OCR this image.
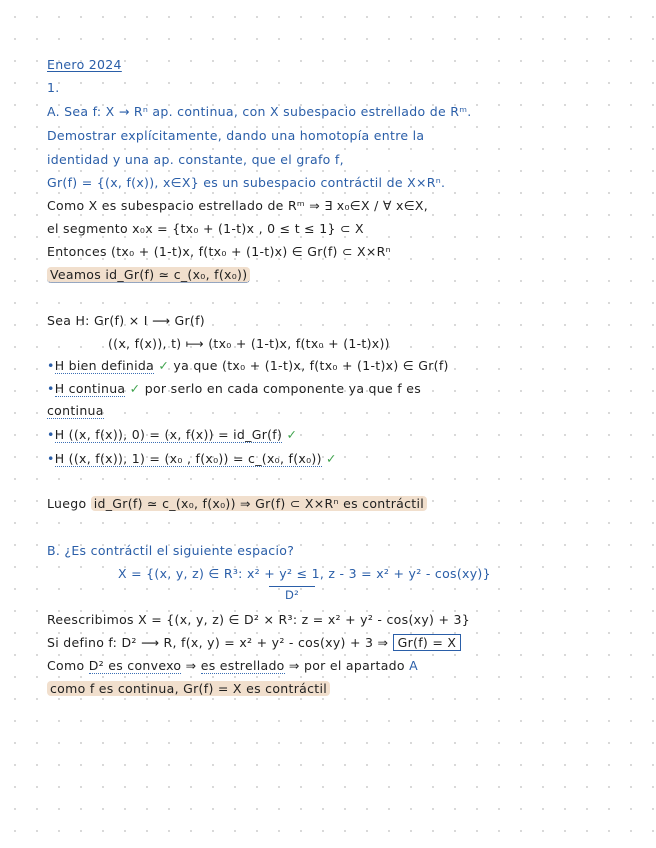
Enero 2024
1.
A. Sea f: X → Rⁿ ap. continua, con X subespacio estrellado de Rᵐ.
Demostrar explícitamente, dando una homotopía entre la
identidad y una ap. constante, que el grafo f,
Gr(f) = {(x, f(x)), x∈X} es un subespacio contráctil de X×Rⁿ.
Como X es subespacio estrellado de Rᵐ ⇒ ∃ x₀∈X / ∀ x∈X,
el segmento x₀x = {tx₀ + (1-t)x , 0 ≤ t ≤ 1} ⊂ X
Entonces (tx₀ + (1-t)x, f(tx₀ + (1-t)x) ∈ Gr(f) ⊂ X×Rⁿ
Veamos id_Gr(f) ≃ c_(x₀, f(x₀))
Sea H: Gr(f) × I ⟶ Gr(f)
((x, f(x)), t) ⟼ (tx₀ + (1-t)x, f(tx₀ + (1-t)x))
•H bien definida ✓ ya que (tx₀ + (1-t)x, f(tx₀ + (1-t)x) ∈ Gr(f)
•H continua ✓ por serlo en cada componente ya que f es
continua
•H ((x, f(x)), 0) = (x, f(x)) = id_Gr(f) ✓
•H ((x, f(x)), 1) = (x₀ , f(x₀)) = c_(x₀, f(x₀)) ✓
Luego id_Gr(f) ≃ c_(x₀, f(x₀)) ⇒ Gr(f) ⊂ X×Rⁿ es contráctil
B. ¿Es contráctil el siguiente espacio?
X = {(x, y, z) ∈ R³: x² + y² ≤ 1, z - 3 = x² + y² - cos(xy)}
D²
Reescribimos X = {(x, y, z) ∈ D² × R³: z = x² + y² - cos(xy) + 3}
Si defino f: D² ⟶ R, f(x, y) = x² + y² - cos(xy) + 3 ⇒ Gr(f) = X
Como D² es convexo ⇒ es estrellado ⇒ por el apartado A
como f es continua, Gr(f) = X es contráctil
